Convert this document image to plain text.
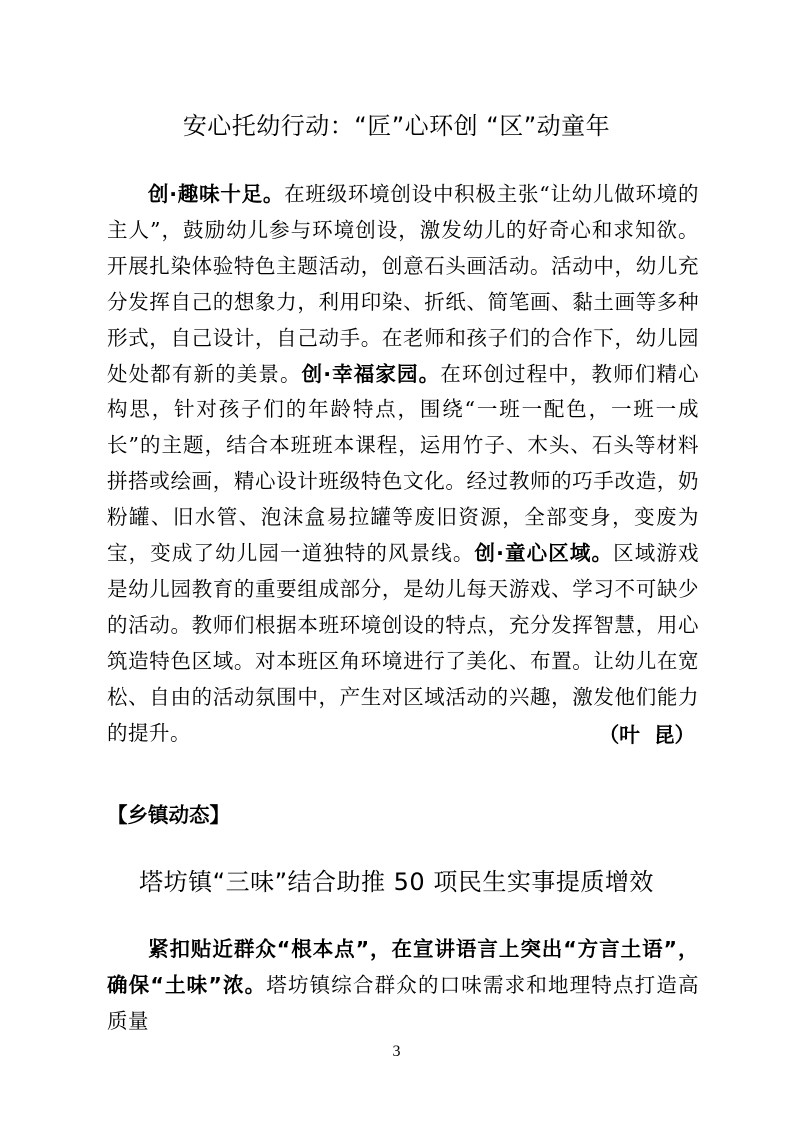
安心托幼行动：“匠”心环创 “区”动童年
创·趣味十足。在班级环境创设中积极主张“让幼儿做环境的主人”，鼓励幼儿参与环境创设，激发幼儿的好奇心和求知欲。开展扎染体验特色主题活动，创意石头画活动。活动中，幼儿充分发挥自己的想象力，利用印染、折纸、简笔画、黏土画等多种形式，自己设计，自己动手。在老师和孩子们的合作下，幼儿园处处都有新的美景。创·幸福家园。在环创过程中，教师们精心构思，针对孩子们的年龄特点，围绕“一班一配色，一班一成长”的主题，结合本班班本课程，运用竹子、木头、石头等材料拼搭或绘画，精心设计班级特色文化。经过教师的巧手改造，奶粉罐、旧水管、泡沫盒易拉罐等废旧资源，全部变身，变废为宝，变成了幼儿园一道独特的风景线。创·童心区域。区域游戏是幼儿园教育的重要组成部分，是幼儿每天游戏、学习不可缺少的活动。教师们根据本班环境创设的特点，充分发挥智慧，用心筑造特色区域。对本班区角环境进行了美化、布置。让幼儿在宽松、自由的活动氛围中，产生对区域活动的兴趣，激发他们能力的提升。	（叶  昆）
【乡镇动态】
塔坊镇“三味”结合助推 50 项民生实事提质增效
紧扣贴近群众“根本点”，在宣讲语言上突出“方言土语”，确保“土味”浓。塔坊镇综合群众的口味需求和地理特点打造高质量
3
